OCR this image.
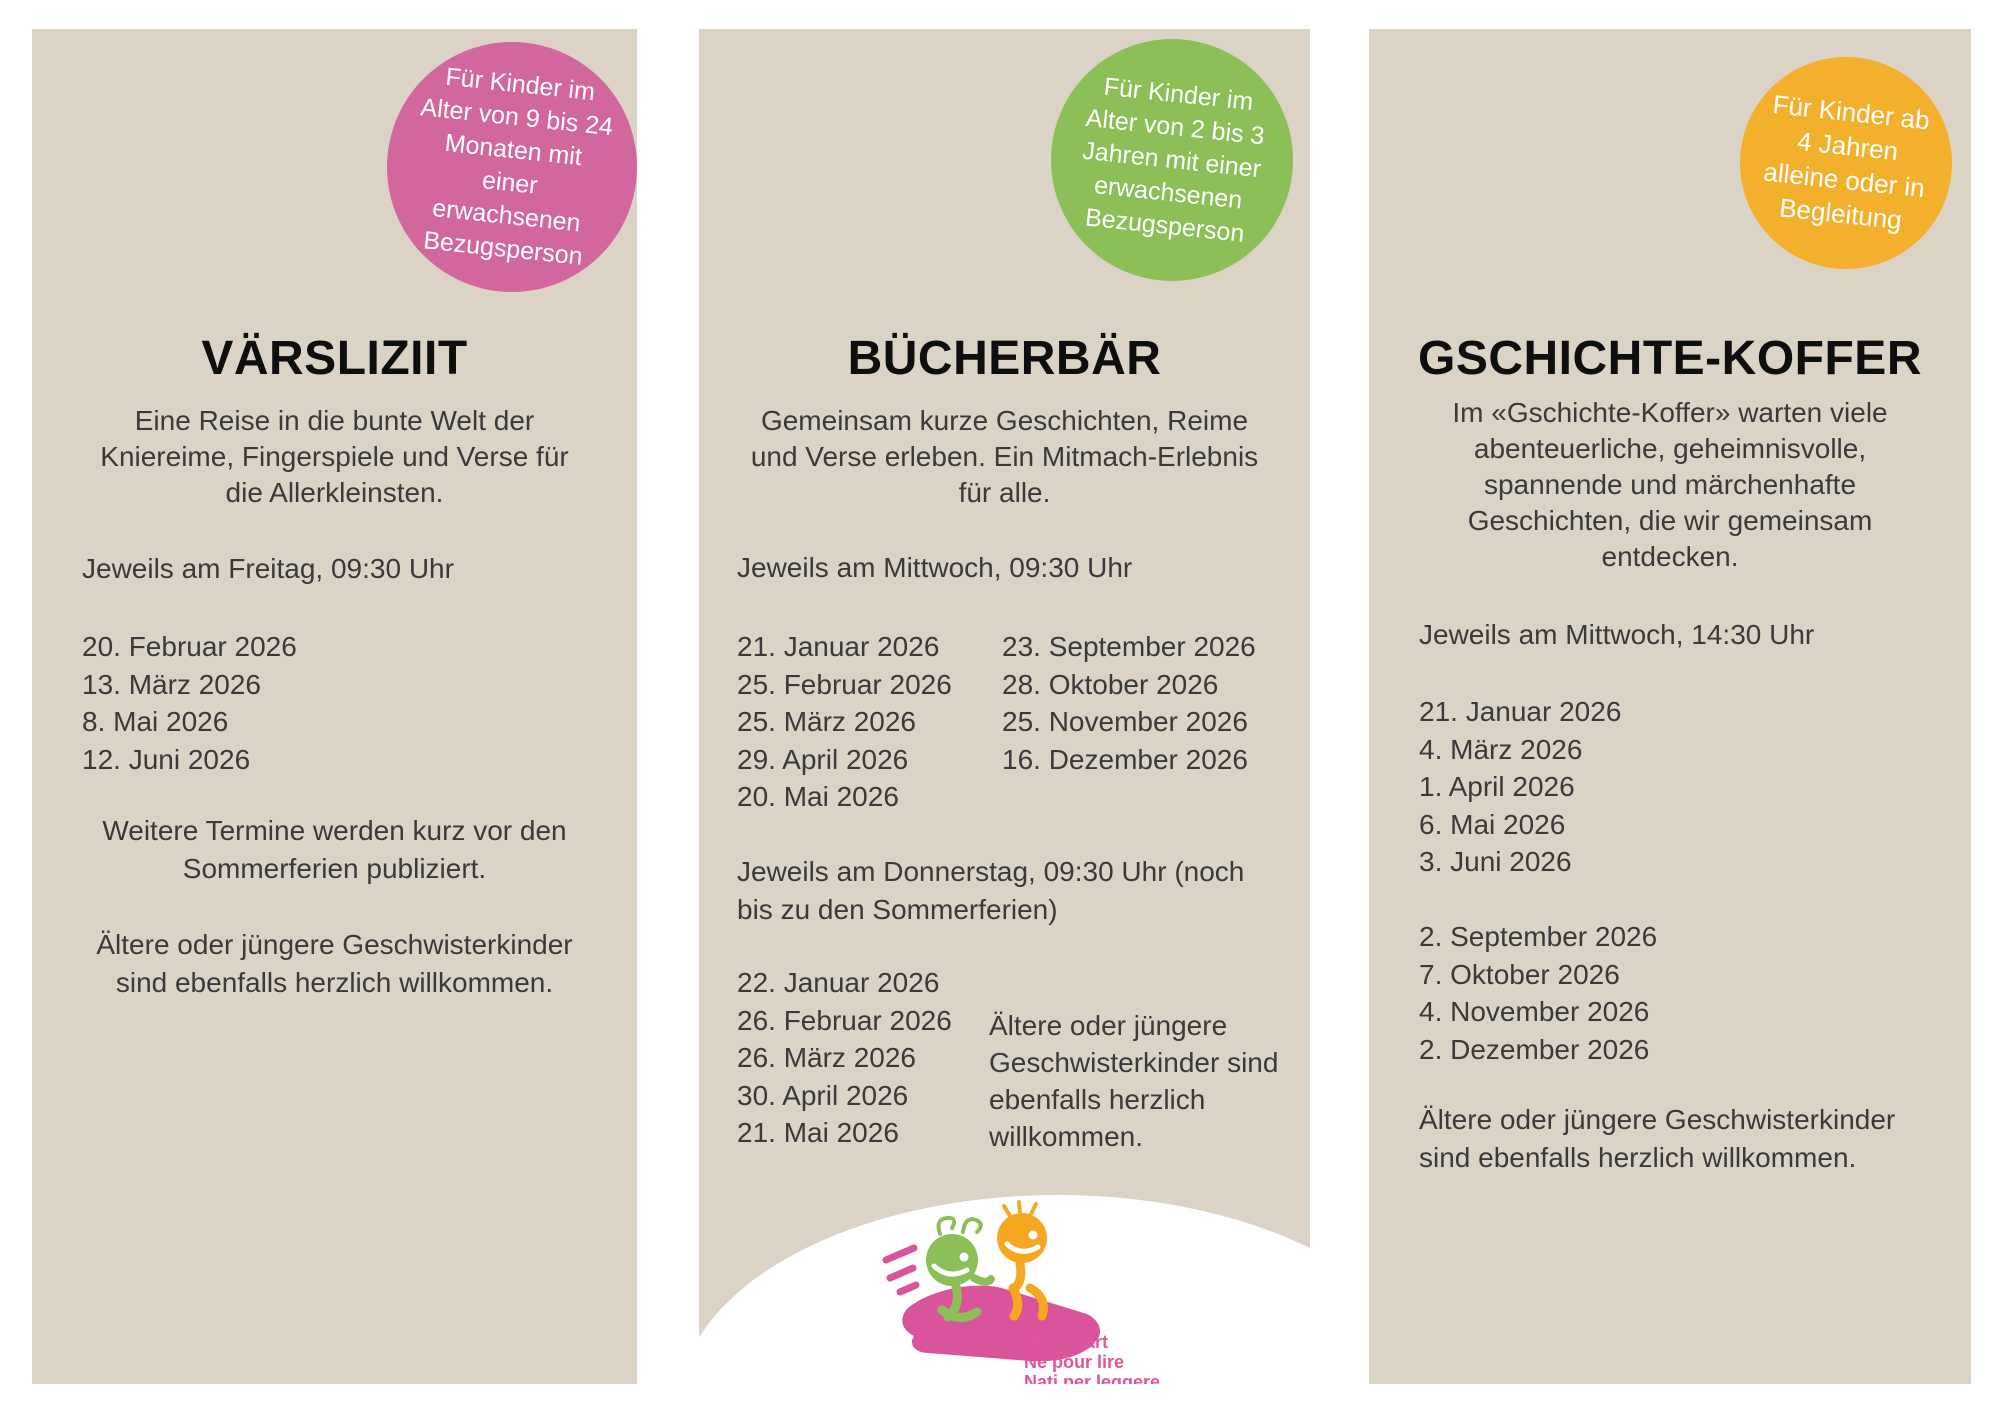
Für Kinder im
Alter von 9 bis 24
Monaten mit
einer
erwachsenen
Bezugsperson
VÄRSLIZIIT
Eine Reise in die bunte Welt der
Kniereime, Fingerspiele und Verse für
die Allerkleinsten.
Jeweils am Freitag, 09:30 Uhr
20. Februar 2026
13. März 2026
8. Mai 2026
12. Juni 2026
Weitere Termine werden kurz vor den
Sommerferien publiziert.
Ältere oder jüngere Geschwisterkinder
sind ebenfalls herzlich willkommen.
Für Kinder im
Alter von 2 bis 3
Jahren mit einer
erwachsenen
Bezugsperson
BÜCHERBÄR
Gemeinsam kurze Geschichten, Reime
und Verse erleben. Ein Mitmach-Erlebnis
für alle.
Jeweils am Mittwoch, 09:30 Uhr
21. Januar 2026
25. Februar 2026
25. März 2026
29. April 2026
20. Mai 2026
23. September 2026
28. Oktober 2026
25. November 2026
16. Dezember 2026
Jeweils am Donnerstag, 09:30 Uhr (noch
bis zu den Sommerferien)
22. Januar 2026
26. Februar 2026
26. März 2026
30. April 2026
21. Mai 2026
Ältere oder jüngere
Geschwisterkinder sind
ebenfalls herzlich
willkommen.
Buchstart
Né pour lire
Nati per leggere
Für Kinder ab
4 Jahren
alleine oder in
Begleitung
GSCHICHTE-KOFFER
Im «Gschichte-Koffer» warten viele
abenteuerliche, geheimnisvolle,
spannende und märchenhafte
Geschichten, die wir gemeinsam
entdecken.
Jeweils am Mittwoch, 14:30 Uhr
21. Januar 2026
4. März 2026
1. April 2026
6. Mai 2026
3. Juni 2026
2. September 2026
7. Oktober 2026
4. November 2026
2. Dezember 2026
Ältere oder jüngere Geschwisterkinder
sind ebenfalls herzlich willkommen.
